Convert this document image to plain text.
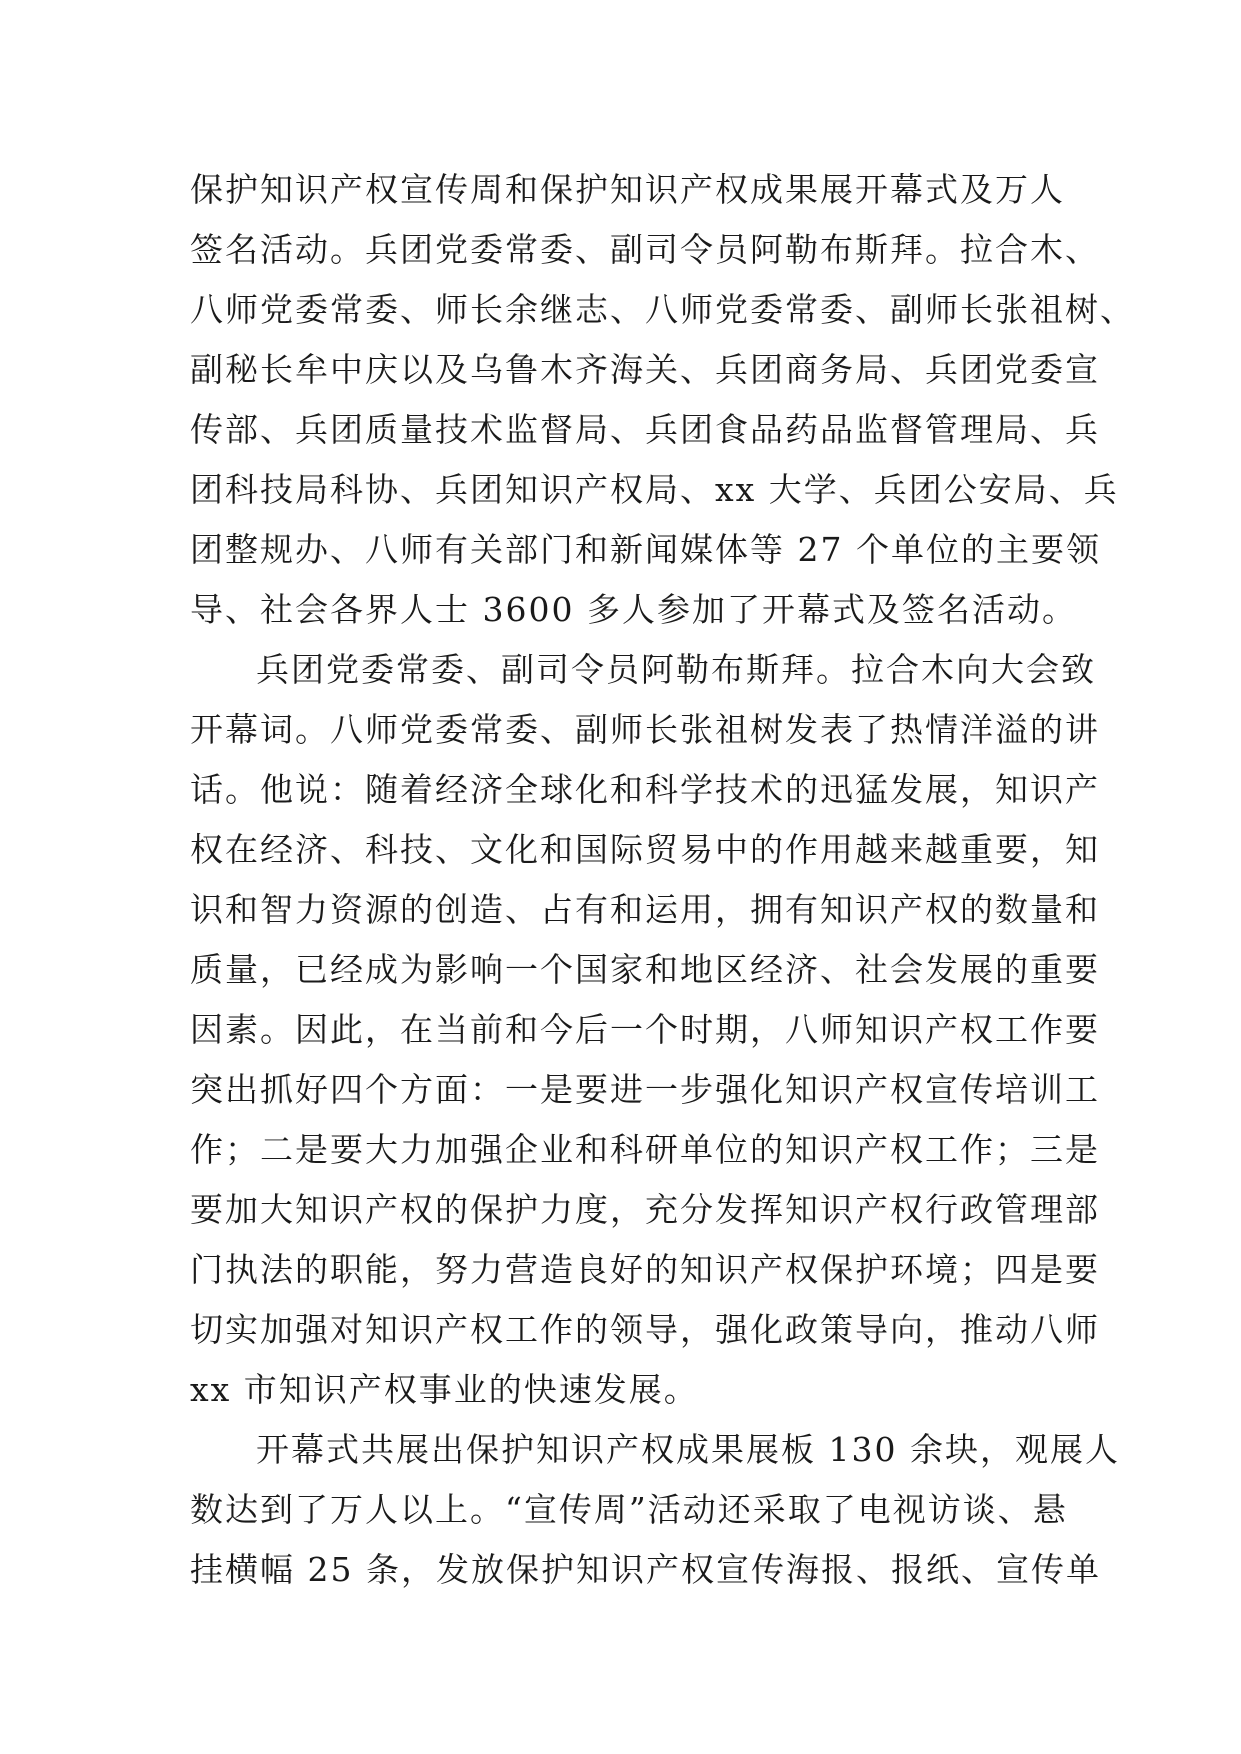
保护知识产权宣传周和保护知识产权成果展开幕式及万人
签名活动。兵团党委常委、副司令员阿勒布斯拜。拉合木、
八师党委常委、师长余继志、八师党委常委、副师长张祖树、
副秘长牟中庆以及乌鲁木齐海关、兵团商务局、兵团党委宣
传部、兵团质量技术监督局、兵团食品药品监督管理局、兵
团科技局科协、兵团知识产权局、xx 大学、兵团公安局、兵
团整规办、八师有关部门和新闻媒体等 27 个单位的主要领
导、社会各界人士 3600 多人参加了开幕式及签名活动。
兵团党委常委、副司令员阿勒布斯拜。拉合木向大会致
开幕词。八师党委常委、副师长张祖树发表了热情洋溢的讲
话。他说：随着经济全球化和科学技术的迅猛发展，知识产
权在经济、科技、文化和国际贸易中的作用越来越重要，知
识和智力资源的创造、占有和运用，拥有知识产权的数量和
质量，已经成为影响一个国家和地区经济、社会发展的重要
因素。因此，在当前和今后一个时期，八师知识产权工作要
突出抓好四个方面：一是要进一步强化知识产权宣传培训工
作；二是要大力加强企业和科研单位的知识产权工作；三是
要加大知识产权的保护力度，充分发挥知识产权行政管理部
门执法的职能，努力营造良好的知识产权保护环境；四是要
切实加强对知识产权工作的领导，强化政策导向，推动八师
xx 市知识产权事业的快速发展。
开幕式共展出保护知识产权成果展板 130 余块，观展人
数达到了万人以上。“宣传周”活动还采取了电视访谈、悬
挂横幅 25 条，发放保护知识产权宣传海报、报纸、宣传单
